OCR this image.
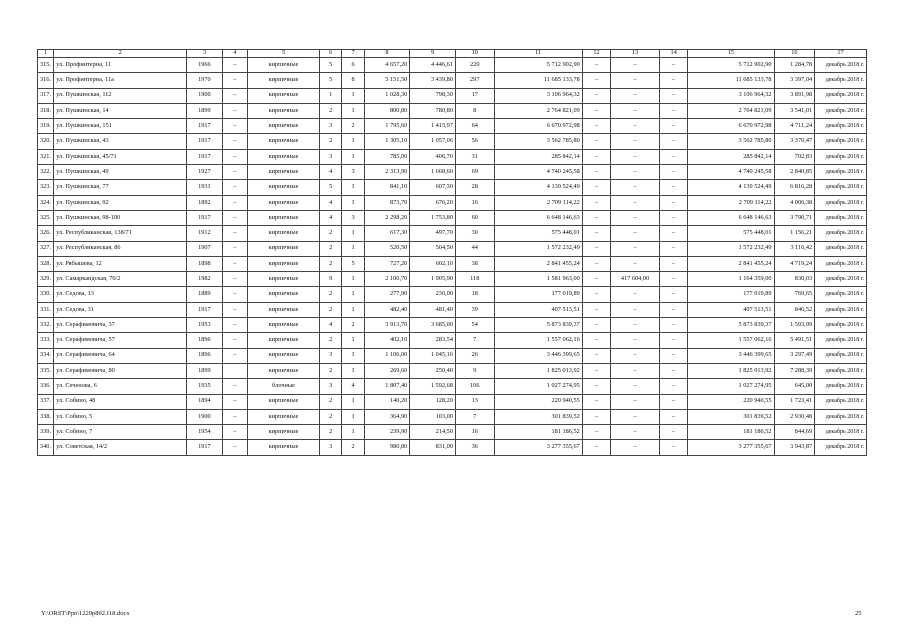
1	2	3	4	5	6	7	8	9	10	11	12	13	14	15	16	17
315.	ул. Профинтерна, 11	1966	–	кирпичные	5	6	4 657,20	4 446,61	220	5 712 902,90	–	–	–	5 712 902,90	1 284,78	декабрь 2018 г.
316.	ул. Профинтерна, 11а	1970	–	кирпичные	5	8	5 151,50	3 439,80	297	11 685 133,78	–	–	–	11 685 133,78	3 397,04	декабрь 2018 г.
317.	ул. Пушкинская, 112	1900	–	кирпичные	1	1	1 028,30	798,30	17	3 106 964,32	–	–	–	3 106 964,32	3 891,98	декабрь 2018 г.
318.	ул. Пушкинская, 14	1899	–	кирпичные	2	1	800,80	780,80	8	2 764 821,09	–	–	–	2 764 821,09	3 541,01	декабрь 2018 г.
319.	ул. Пушкинская, 151	1917	–	кирпичные	3	2	1 795,60	1 415,97	64	6 670 972,98	–	–	–	6 670 972,98	4 711,24	декабрь 2018 г.
320.	ул. Пушкинская, 43	1917	–	кирпичные	2	1	1 305,10	1 057,06	56	3 562 785,80	–	–	–	3 562 785,80	3 370,47	декабрь 2018 г.
321.	ул. Пушкинская, 45/71	1917	–	кирпичные	3	1	785,00	406,70	31	285 842,14	–	–	–	285 842,14	702,83	декабрь 2018 г.
322.	ул. Пушкинская, 49	1927	–	кирпичные	4	3	2 313,90	1 668,60	69	4 740 245,58	–	–	–	4 740 245,58	2 840,85	декабрь 2018 г.
323.	ул. Пушкинская, 77	1931	–	кирпичные	5	1	841,10	607,30	28	4 139 524,49	–	–	–	4 139 524,49	6 816,28	декабрь 2018 г.
324.	ул. Пушкинская, 92	1892	–	кирпичные	4	1	873,70	676,20	16	2 709 114,22	–	–	–	2 709 114,22	4 006,38	декабрь 2018 г.
325.	ул. Пушкинская, 98-100	1917	–	кирпичные	4	3	2 298,20	1 753,80	60	6 648 146,63	–	–	–	6 648 146,63	3 790,71	декабрь 2018 г.
326.	ул. Республиканская, 138/71	1912	–	кирпичные	2	1	617,30	497,70	30	575 448,01	–	–	–	575 448,01	1 156,21	декабрь 2018 г.
327.	ул. Республиканская, 86	1907	–	кирпичные	2	1	520,50	504,50	44	1 572 232,49	–	–	–	1 572 232,49	3 116,42	декабрь 2018 г.
328.	ул. Рябышева, 12	1898	–	кирпичные	2	5	727,20	602,10	38	2 841 455,24	–	–	–	2 841 455,24	4 719,24	декабрь 2018 г.
329.	ул. Самаркандская, 70/2	1982	–	кирпичные	9	1	2 100,70	1 905,90	118	1 581 963,00	–	417 604,00	–	1 164 359,00	830,03	декабрь 2018 г.
330.	ул. Седова, 13	1889	–	кирпичные	2	1	277,90	230,00	18	177 019,89	–	–	–	177 019,89	769,65	декабрь 2018 г.
331.	ул. Седова, 31	1917	–	кирпичные	2	1	482,40	481,40	39	407 513,51	–	–	–	407 513,51	846,52	декабрь 2018 г.
332.	ул. Серафимовича, 37	1953	–	кирпичные	4	2	3 913,70	3 685,00	54	5 873 839,37	–	–	–	5 873 839,37	1 593,99	декабрь 2018 г.
333.	ул. Серафимовича, 57	1896	–	кирпичные	2	1	402,10	283,54	7	1 557 062,16	–	–	–	1 557 062,16	5 491,51	декабрь 2018 г.
334.	ул. Серафимовича, 64	1896	–	кирпичные	3	1	1 106,00	1 045,16	26	3 446 399,65	–	–	–	3 446 399,65	3 297,49	декабрь 2018 г.
335.	ул. Серафимовича, 80	1899		кирпичные	2	1	269,60	250,40	9	1 825 013,92	–	–	–	1 825 013,92	7 288,39	декабрь 2018 г.
336.	ул. Сеченова, 6	1935	–	блочные	3	4	1 807,40	1 592,68	106	1 027 274,95	–	–	–	1 027 274,95	645,00	декабрь 2018 г.
337.	ул. Собино, 48	1894	–	кирпичные	2	1	140,20	128,20	13	220 940,55	–	–	–	220 940,55	1 723,41	декабрь 2018 г.
338.	ул. Собино, 5	1900	–	кирпичные	2	1	364,90	103,00	7	301 839,52	–	–	–	301 839,52	2 930,48	декабрь 2018 г.
339.	ул. Собино, 7	1954	–	кирпичные	2	1	239,90	214,50	16	181 186,52	–	–	–	181 186,52	844,69	декабрь 2018 г.
340.	ул. Советская, 14/2	1917	–	кирпичные	3	2	980,80	831,00	36	3 277 355,67	–	–	–	3 277 355,67	3 943,87	декабрь 2018 г.
Y:\ORST\Ppo\1229p892.f18.docx	25
